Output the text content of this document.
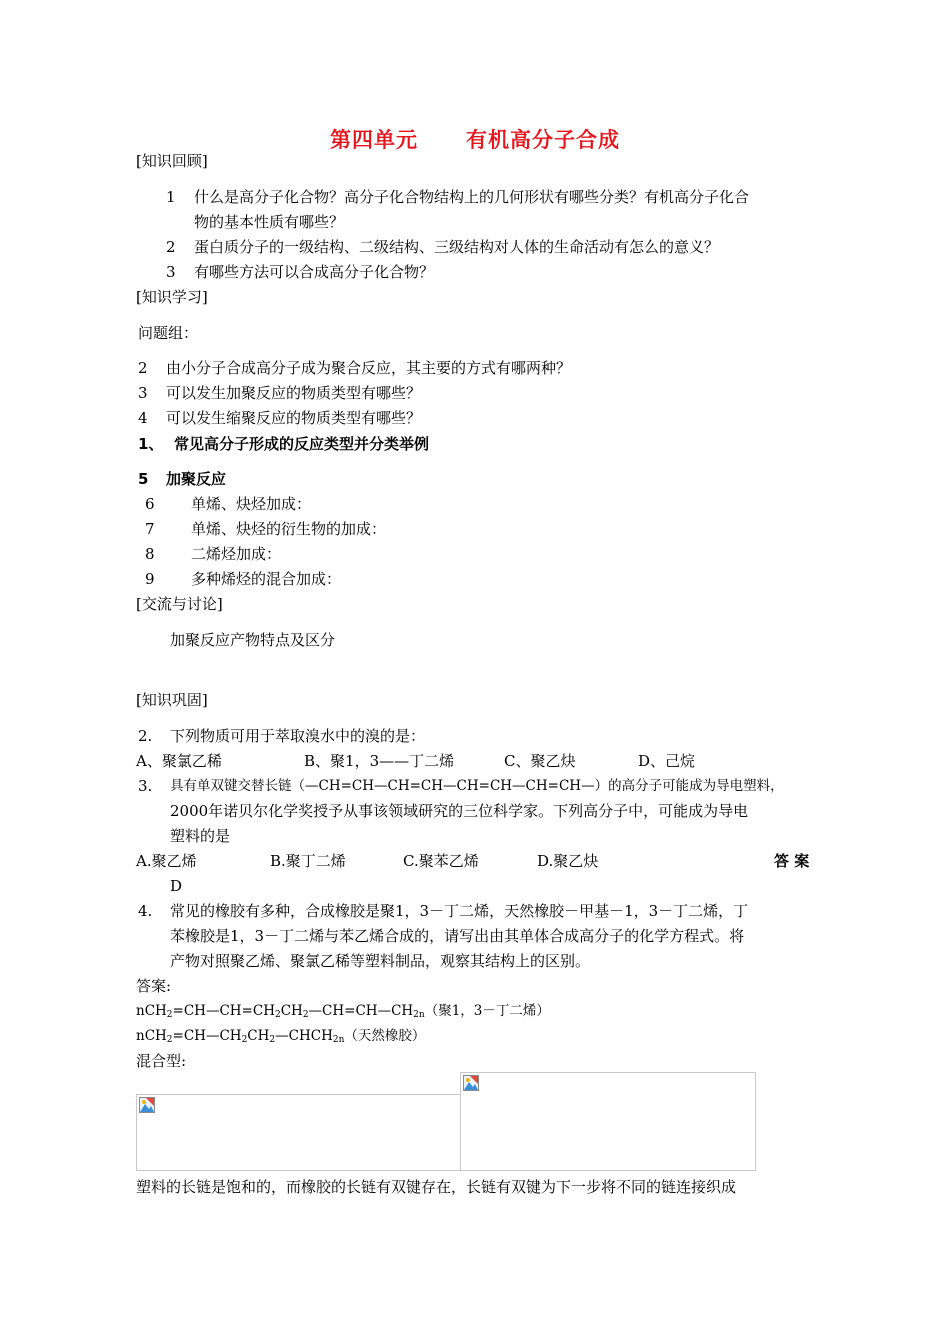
第四单元 有机高分子合成
[知识回顾]
1 什么是高分子化合物？高分子化合物结构上的几何形状有哪些分类？有机高分子化合
物的基本性质有哪些？
2 蛋白质分子的一级结构、二级结构、三级结构对人体的生命活动有怎么的意义？
3 有哪些方法可以合成高分子化合物？
[知识学习]
问题组：
2 由小分子合成高分子成为聚合反应，其主要的方式有哪两种？
3 可以发生加聚反应的物质类型有哪些？
4 可以发生缩聚反应的物质类型有哪些？
1、 常见高分子形成的反应类型并分类举例
5 加聚反应
6 单烯、炔烃加成：
7 单烯、炔烃的衍生物的加成：
8 二烯烃加成：
9 多种烯烃的混合加成：
[交流与讨论]
加聚反应产物特点及区分
[知识巩固]
2. 下列物质可用于萃取溴水中的溴的是：
A、聚氯乙稀	B、聚1，3——丁二烯	C、聚乙炔	D、己烷
3. 具有单双键交替长链（—CH=CH—CH=CH—CH=CH—CH=CH—）的高分子可能成为导电塑料，
2000年诺贝尔化学奖授予从事该领域研究的三位科学家。下列高分子中，可能成为导电
塑料的是
A.聚乙烯	B.聚丁二烯	C.聚苯乙烯	D.聚乙炔	答 案
D
4. 常见的橡胶有多种，合成橡胶是聚1，3－丁二烯，天然橡胶－甲基－1，3－丁二烯，丁
苯橡胶是1，3－丁二烯与苯乙烯合成的，请写出由其单体合成高分子的化学方程式。将
产物对照聚乙烯、聚氯乙稀等塑料制品，观察其结构上的区别。
答案:
$nCH_2=CH—CH=CH_2CH_2—CH=CH—CH_{2n}$（聚1，3－丁二烯）
$nCH_2=CH—CH_2CH_2—CHCH_{2n}$（天然橡胶）
混合型:
塑料的长链是饱和的，而橡胶的长链有双键存在，长链有双键为下一步将不同的链连接织成
